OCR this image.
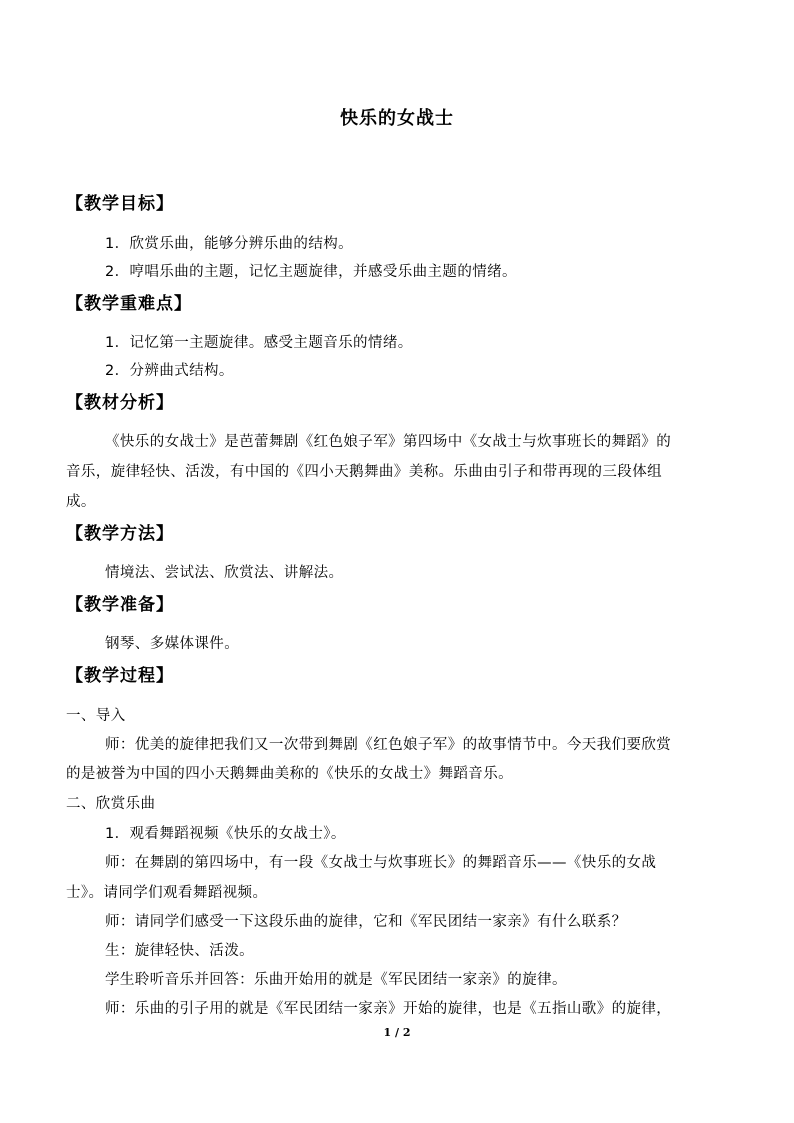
快乐的女战士
【教学目标】
1．欣赏乐曲，能够分辨乐曲的结构。
2．哼唱乐曲的主题，记忆主题旋律，并感受乐曲主题的情绪。
【教学重难点】
1．记忆第一主题旋律。感受主题音乐的情绪。
2．分辨曲式结构。
【教材分析】
《快乐的女战士》是芭蕾舞剧《红色娘子军》第四场中《女战士与炊事班长的舞蹈》的
音乐，旋律轻快、活泼，有中国的《四小天鹅舞曲》美称。乐曲由引子和带再现的三段体组
成。
【教学方法】
情境法、尝试法、欣赏法、讲解法。
【教学准备】
钢琴、多媒体课件。
【教学过程】
一、导入
师：优美的旋律把我们又一次带到舞剧《红色娘子军》的故事情节中。今天我们要欣赏
的是被誉为中国的四小天鹅舞曲美称的《快乐的女战士》舞蹈音乐。
二、欣赏乐曲
1．观看舞蹈视频《快乐的女战士》。
师：在舞剧的第四场中，有一段《女战士与炊事班长》的舞蹈音乐——《快乐的女战
士》。请同学们观看舞蹈视频。
师：请同学们感受一下这段乐曲的旋律，它和《军民团结一家亲》有什么联系？
生：旋律轻快、活泼。
学生聆听音乐并回答：乐曲开始用的就是《军民团结一家亲》的旋律。
师：乐曲的引子用的就是《军民团结一家亲》开始的旋律，也是《五指山歌》的旋律，
1 / 2
